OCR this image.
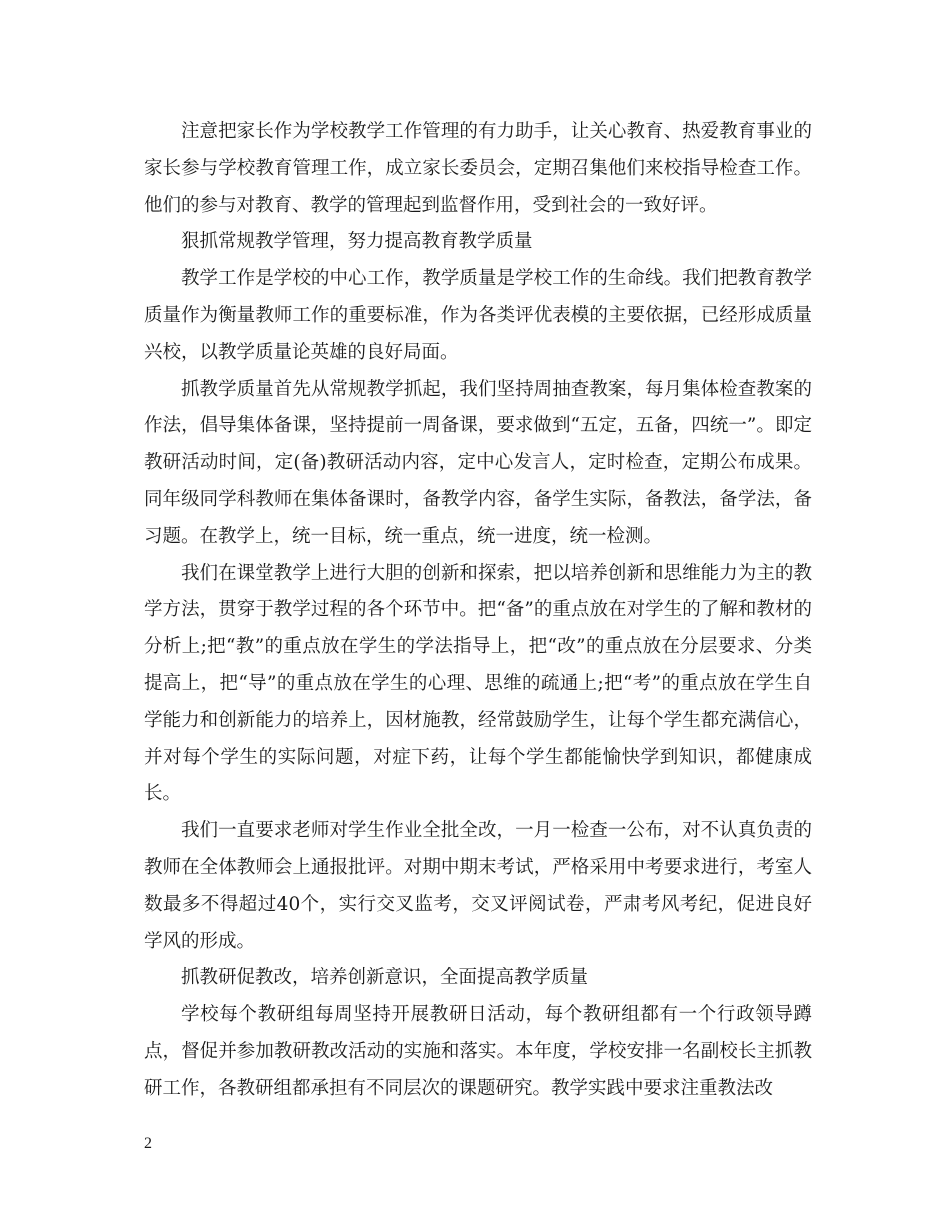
注意把家长作为学校教学工作管理的有力助手，让关心教育、热爱教育事业的家长参与学校教育管理工作，成立家长委员会，定期召集他们来校指导检查工作。他们的参与对教育、教学的管理起到监督作用，受到社会的一致好评。

狠抓常规教学管理，努力提高教育教学质量

教学工作是学校的中心工作，教学质量是学校工作的生命线。我们把教育教学质量作为衡量教师工作的重要标准，作为各类评优表模的主要依据，已经形成质量兴校，以教学质量论英雄的良好局面。

抓教学质量首先从常规教学抓起，我们坚持周抽查教案，每月集体检查教案的作法，倡导集体备课，坚持提前一周备课，要求做到“五定，五备，四统一”。即定教研活动时间，定(备)教研活动内容，定中心发言人，定时检查，定期公布成果。同年级同学科教师在集体备课时，备教学内容，备学生实际，备教法，备学法，备习题。在教学上，统一目标，统一重点，统一进度，统一检测。

我们在课堂教学上进行大胆的创新和探索，把以培养创新和思维能力为主的教学方法，贯穿于教学过程的各个环节中。把“备”的重点放在对学生的了解和教材的分析上;把“教”的重点放在学生的学法指导上，把“改”的重点放在分层要求、分类提高上，把“导”的重点放在学生的心理、思维的疏通上;把“考”的重点放在学生自学能力和创新能力的培养上，因材施教，经常鼓励学生，让每个学生都充满信心，并对每个学生的实际问题，对症下药，让每个学生都能愉快学到知识，都健康成长。

我们一直要求老师对学生作业全批全改，一月一检查一公布，对不认真负责的教师在全体教师会上通报批评。对期中期末考试，严格采用中考要求进行，考室人数最多不得超过40个，实行交叉监考，交叉评阅试卷，严肃考风考纪，促进良好学风的形成。

抓教研促教改，培养创新意识，全面提高教学质量

学校每个教研组每周坚持开展教研日活动，每个教研组都有一个行政领导蹲点，督促并参加教研教改活动的实施和落实。本年度，学校安排一名副校长主抓教研工作，各教研组都承担有不同层次的课题研究。教学实践中要求注重教法改

2
